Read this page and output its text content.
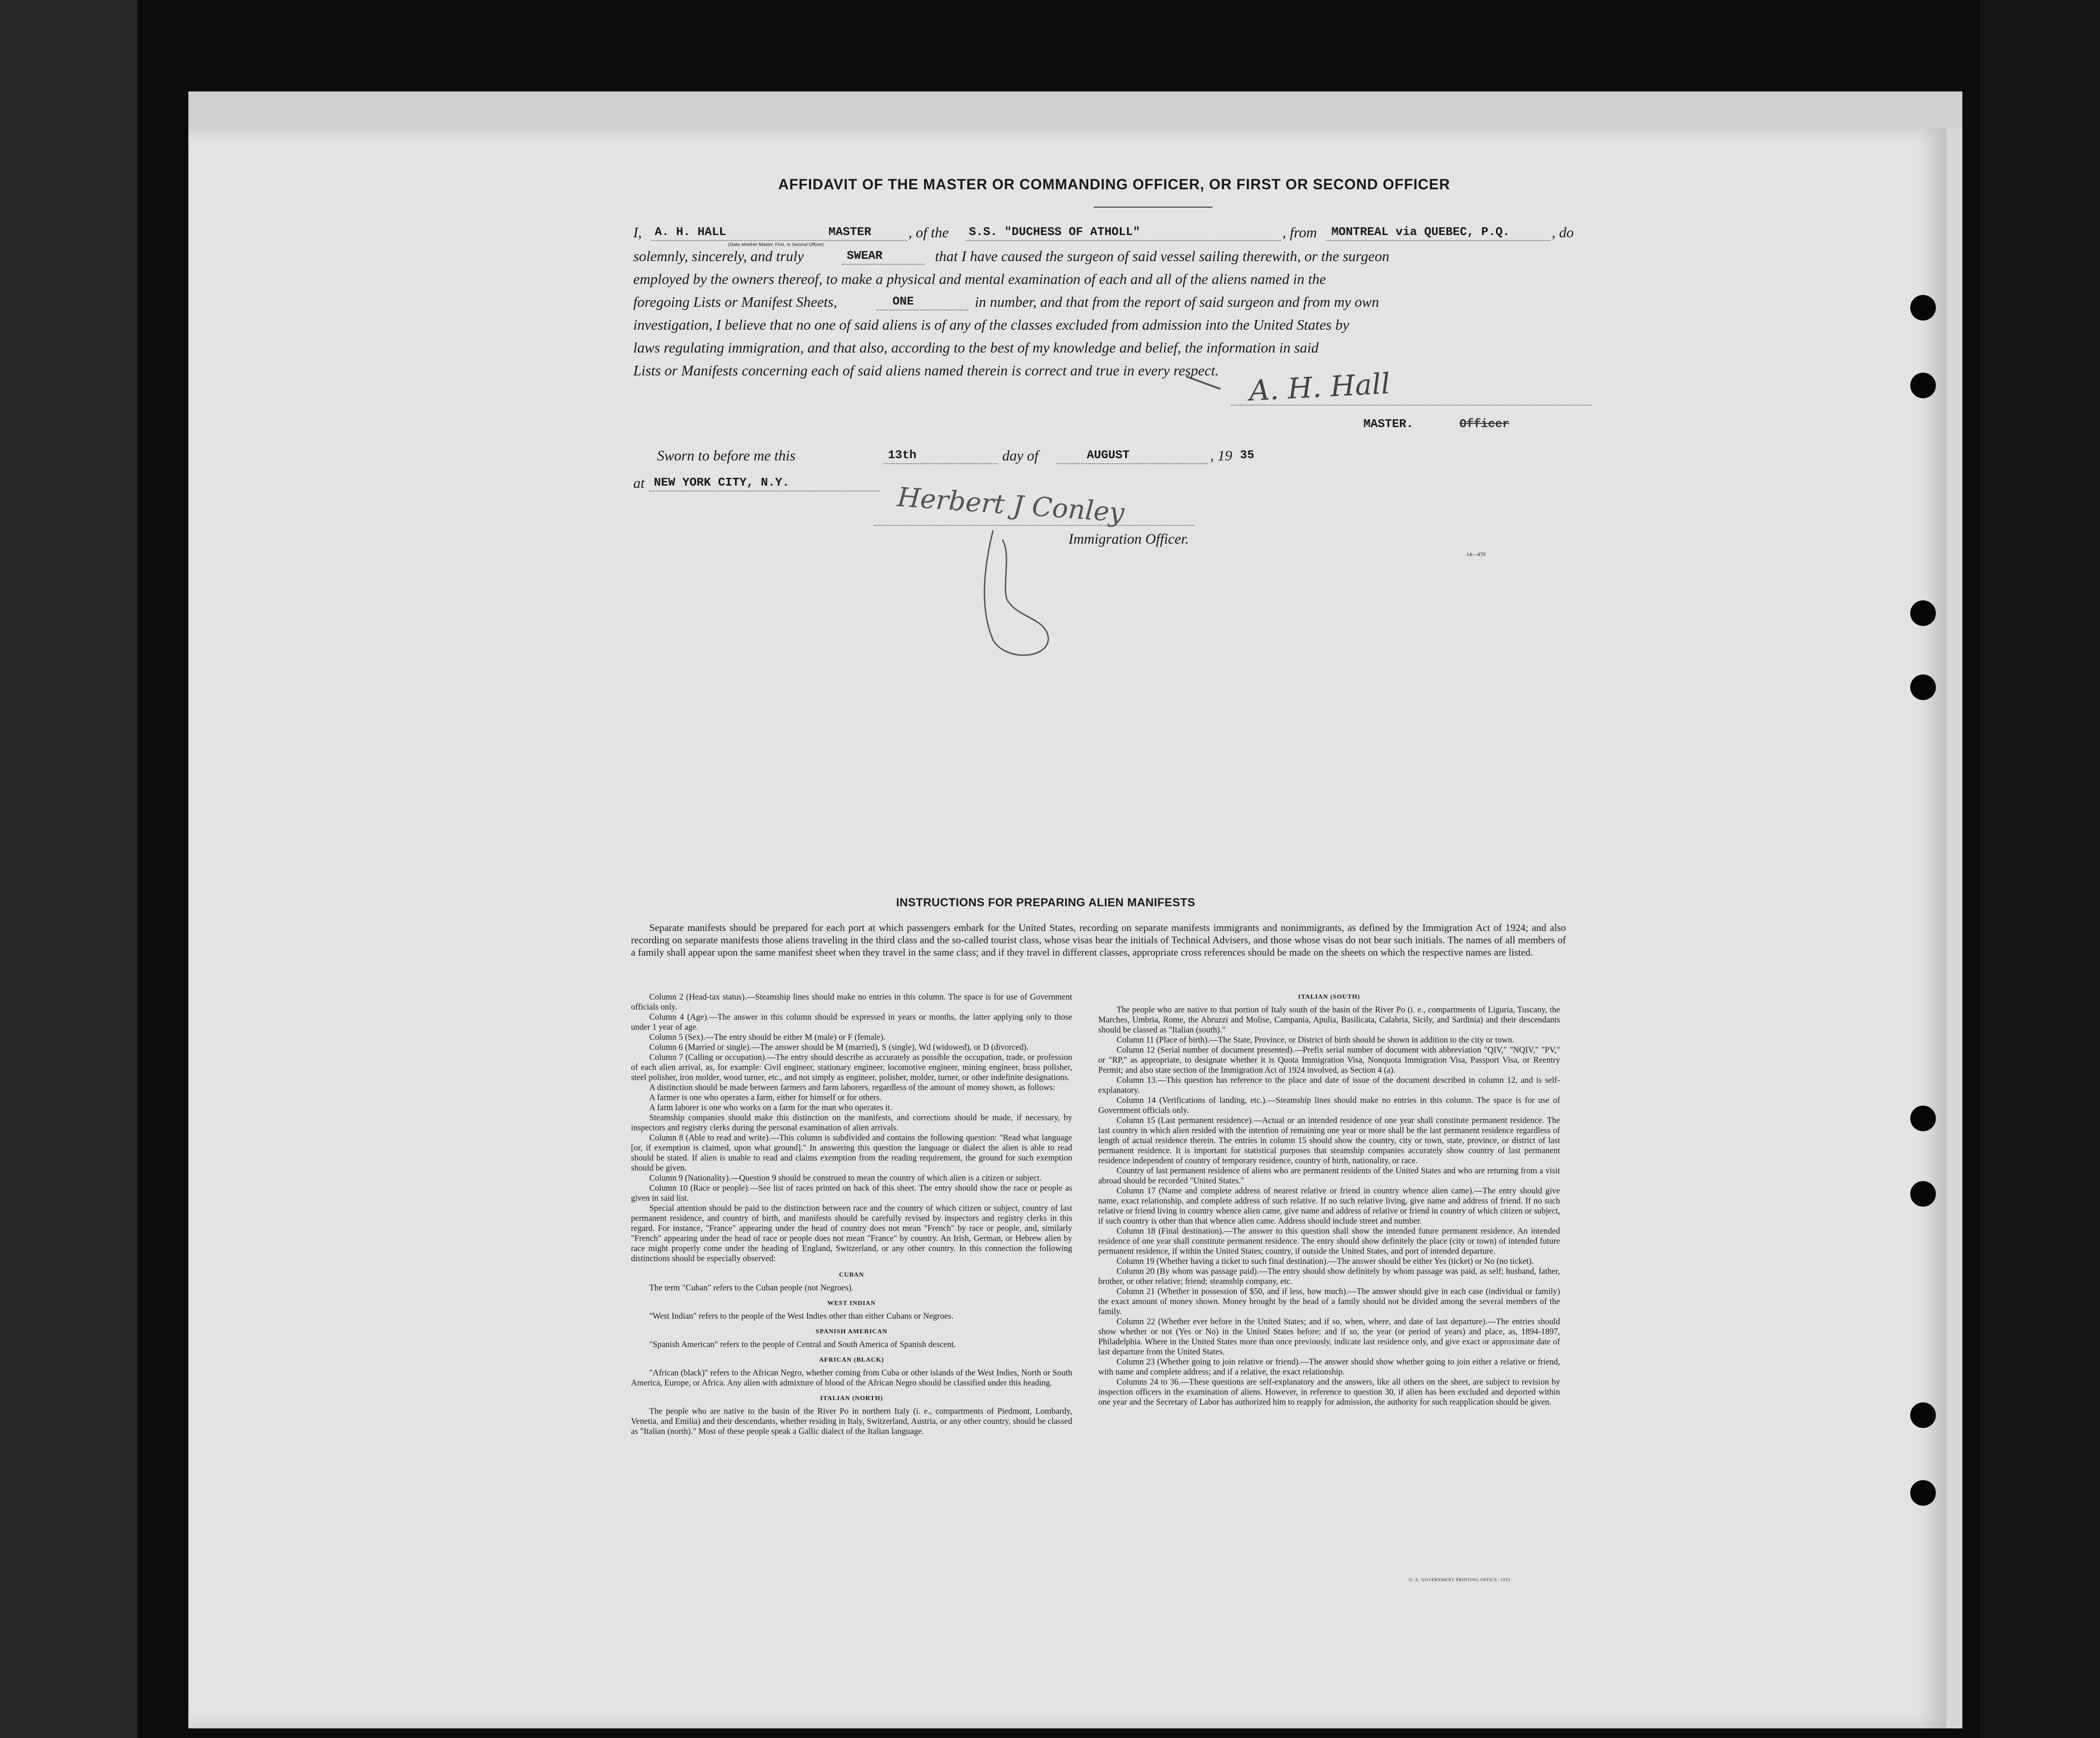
AFFIDAVIT OF THE MASTER OR COMMANDING OFFICER, OR FIRST OR SECOND OFFICER
I, A. H. HALL	MASTER
(State whether Master, First, or Second Officer)
, of the S.S. "DUCHESS OF ATHOLL"	, from MONTREAL via QUEBEC, P.Q.	, do
solemnly, sincerely, and truly	SWEAR	that I have caused the surgeon of said vessel sailing therewith, or the surgeon
employed by the owners thereof, to make a physical and mental examination of each and all of the aliens named in the
foregoing Lists or Manifest Sheets,	ONE	in number, and that from the report of said surgeon and from my own
investigation, I believe that no one of said aliens is of any of the classes excluded from admission into the United States by
laws regulating immigration, and that also, according to the best of my knowledge and belief, the information in said
Lists or Manifests concerning each of said aliens named therein is correct and true in every respect. A. H. Hall
MASTER.	Officer
Sworn to before me this	13th	day of	AUGUST	, 19 35
at NEW YORK CITY, N.Y.	Herbert J Conley
Immigration Officer.
14—470
INSTRUCTIONS FOR PREPARING ALIEN MANIFESTS
Separate manifests should be prepared for each port at which passengers embark for the United States, recording on separate manifests immigrants and nonimmigrants, as defined by the Immigration Act of 1924; and also recording on separate manifests those aliens traveling in the third class and the so-called tourist class, whose visas bear the initials of Technical Advisers, and those whose visas do not bear such initials. The names of all members of a family shall appear upon the same manifest sheet when they travel in the same class; and if they travel in different classes, appropriate cross references should be made on the sheets on which the respective names are listed.

Column 2 (Head-tax status).—Steamship lines should make no entries in this column. The space is for use of Government officials only.

Column 4 (Age).—The answer in this column should be expressed in years or months, the latter applying only to those under 1 year of age.

Column 5 (Sex).—The entry should be either M (male) or F (female).

Column 6 (Married or single).—The answer should be M (married), S (single), Wd (widowed), or D (divorced).

Column 7 (Calling or occupation).—The entry should describe as accurately as possible the occupation, trade, or profession of each alien arrival, as, for example: Civil engineer, stationary engineer, locomotive engineer, mining engineer, brass polisher, steel polisher, iron molder, wood turner, etc., and not simply as engineer, polisher, molder, turner, or other indefinite designations.

A distinction should be made between farmers and farm laborers, regardless of the amount of money shown, as follows:

A farmer is one who operates a farm, either for himself or for others.

A farm laborer is one who works on a farm for the man who operates it.

Steamship companies should make this distinction on the manifests, and corrections should be made, if necessary, by inspectors and registry clerks during the personal examination of alien arrivals.

Column 8 (Able to read and write).—This column is subdivided and contains the following question: "Read what language [or, if exemption is claimed, upon what ground]." In answering this question the language or dialect the alien is able to read should be stated. If alien is unable to read and claims exemption from the reading requirement, the ground for such exemption should be given.

Column 9 (Nationality).—Question 9 should be construed to mean the country of which alien is a citizen or subject.

Column 10 (Race or people).—See list of races printed on back of this sheet. The entry should show the race or people as given in said list.

Special attention should be paid to the distinction between race and the country of which citizen or subject, country of last permanent residence, and country of birth, and manifests should be carefully revised by inspectors and registry clerks in this regard. For instance, "France" appearing under the head of country does not mean "French" by race or people, and, similarly "French" appearing under the head of race or people does not mean "France" by country. An Irish, German, or Hebrew alien by race might properly come under the heading of England, Switzerland, or any other country. In this connection the following distinctions should be especially observed:

CUBAN

The term "Cuban" refers to the Cuban people (not Negroes).

WEST INDIAN

"West Indian" refers to the people of the West Indies other than either Cubans or Negroes.

SPANISH AMERICAN

"Spanish American" refers to the people of Central and South America of Spanish descent.

AFRICAN (BLACK)

"African (black)" refers to the African Negro, whether coming from Cuba or other islands of the West Indies, North or South America, Europe, or Africa. Any alien with admixture of blood of the African Negro should be classified under this heading.

ITALIAN (NORTH)

The people who are native to the basin of the River Po in northern Italy (i. e., compartments of Piedmont, Lombardy, Venetia, and Emilia) and their descendants, whether residing in Italy, Switzerland, Austria, or any other country, should be classed as "Italian (north)." Most of these people speak a Gallic dialect of the Italian language.

ITALIAN (SOUTH)

The people who are native to that portion of Italy south of the basin of the River Po (i. e., compartments of Liguria, Tuscany, the Marches, Umbria, Rome, the Abruzzi and Molise, Campania, Apulia, Basilicata, Calabria, Sicily, and Sardinia) and their descendants should be classed as "Italian (south)."

Column 11 (Place of birth).—The State, Province, or District of birth should be shown in addition to the city or town.

Column 12 (Serial number of document presented).—Prefix serial number of document with abbreviation "QIV," "NQIV," "PV," or "RP," as appropriate, to designate whether it is Quota Immigration Visa, Nonquota Immigration Visa, Passport Visa, or Reentry Permit; and also state section of the Immigration Act of 1924 involved, as Section 4 (a).

Column 13.—This question has reference to the place and date of issue of the document described in column 12, and is self-explanatory.

Column 14 (Verifications of landing, etc.).—Steamship lines should make no entries in this column. The space is for use of Government officials only.

Column 15 (Last permanent residence).—Actual or an intended residence of one year shall constitute permanent residence. The last country in which alien resided with the intention of remaining one year or more shall be the last permanent residence regardless of length of actual residence therein. The entries in column 15 should show the country, city or town, state, province, or district of last permanent residence. It is important for statistical purposes that steamship companies accurately show country of last permanent residence independent of country of temporary residence, country of birth, nationality, or race.

Country of last permanent residence of aliens who are permanent residents of the United States and who are returning from a visit abroad should be recorded "United States."

Column 17 (Name and complete address of nearest relative or friend in country whence alien came).—The entry should give name, exact relationship, and complete address of such relative. If no such relative living, give name and address of friend. If no such relative or friend living in country whence alien came, give name and address of relative or friend in country of which citizen or subject, if such country is other than that whence alien came. Address should include street and number.

Column 18 (Final destination).—The answer to this question shall show the intended future permanent residence. An intended residence of one year shall constitute permanent residence. The entry should show definitely the place (city or town) of intended future permanent residence, if within the United States; country, if outside the United States, and port of intended departure.

Column 19 (Whether having a ticket to such final destination).—The answer should be either Yes (ticket) or No (no ticket).

Column 20 (By whom was passage paid).—The entry should show definitely by whom passage was paid, as self; husband, father, brother, or other relative; friend; steamship company, etc.

Column 21 (Whether in possession of $50, and if less, how much).—The answer should give in each case (individual or family) the exact amount of money shown. Money brought by the head of a family should not be divided among the several members of the family.

Column 22 (Whether ever before in the United States; and if so, when, where, and date of last departure).—The entries should show whether or not (Yes or No) in the United States before; and if so, the year (or period of years) and place, as, 1894-1897, Philadelphia. Where in the United States more than once previously, indicate last residence only, and give exact or approximate date of last departure from the United States.

Column 23 (Whether going to join relative or friend).—The answer should show whether going to join either a relative or friend, with name and complete address; and if a relative, the exact relationship.

Columns 24 to 36.—These questions are self-explanatory and the answers, like all others on the sheet, are subject to revision by inspection officers in the examination of aliens. However, in reference to question 30, if alien has been excluded and deported within one year and the Secretary of Labor has authorized him to reapply for admission, the authority for such reapplication should be given.

U. S. GOVERNMENT PRINTING OFFICE: 1935
